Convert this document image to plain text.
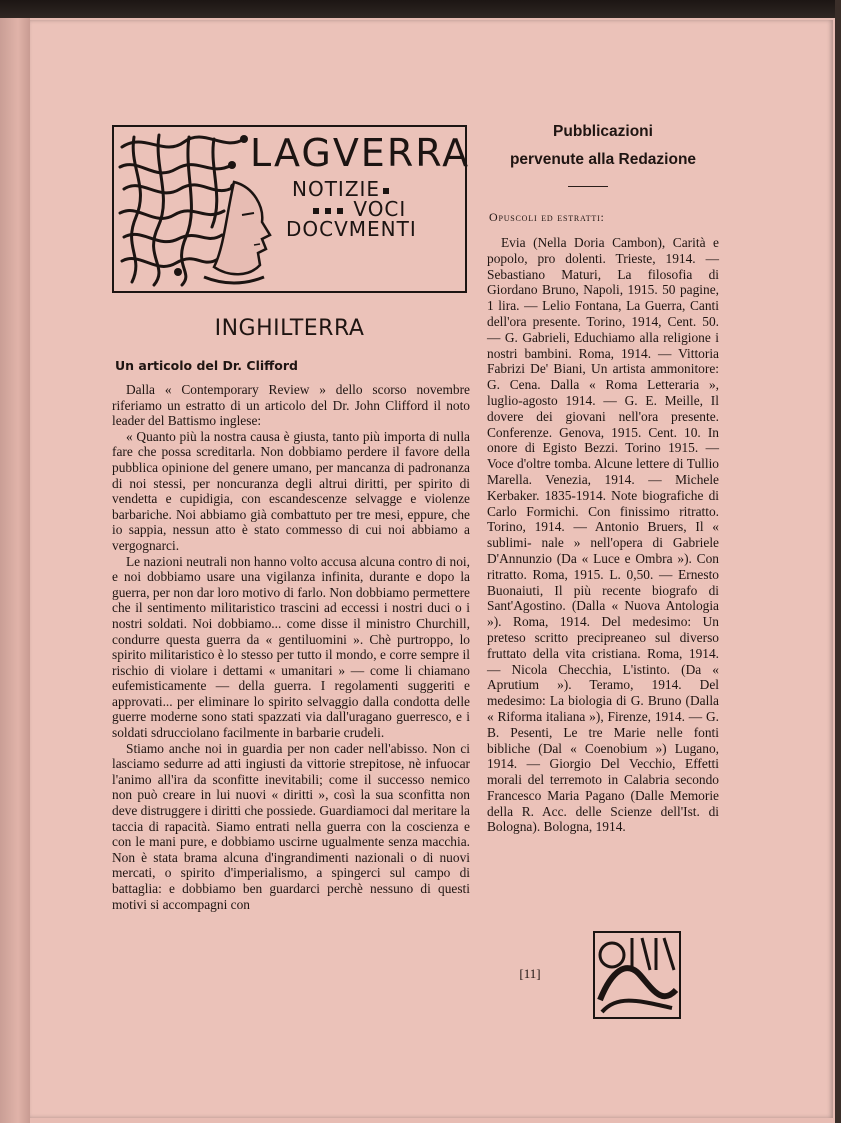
LAGVERRA
NOTIZIE
VOCI
DOCVMENTI
INGHILTERRA
Un articolo del Dr. Clifford

Dalla « Contemporary Review » dello scorso novembre riferiamo un estratto di un articolo del Dr. John Clifford il noto leader del Battismo inglese:

« Quanto più la nostra causa è giusta, tanto più importa di nulla fare che possa screditarla. Non dobbiamo perdere il favore della pubblica opinione del genere umano, per mancanza di padronanza di noi stessi, per noncuranza degli altrui diritti, per spirito di vendetta e cupidigia, con escandescenze selvagge e violenze barbariche. Noi abbiamo già combattuto per tre mesi, eppure, che io sappia, nessun atto è stato commesso di cui noi abbiamo a vergognarci.

Le nazioni neutrali non hanno volto accusa alcuna contro di noi, e noi dobbiamo usare una vigilanza infinita, durante e dopo la guerra, per non dar loro motivo di farlo. Non dobbiamo permettere che il sentimento militaristico trascini ad eccessi i nostri duci o i nostri soldati. Noi dobbiamo... come disse il ministro Churchill, condurre questa guerra da « gentiluomini ». Chè purtroppo, lo spirito militaristico è lo stesso per tutto il mondo, e corre sempre il rischio di violare i dettami « umanitari » — come li chiamano eufemisticamente — della guerra. I regolamenti suggeriti e approvati... per eliminare lo spirito selvaggio dalla condotta delle guerre moderne sono stati spazzati via dall'uragano guerresco, e i soldati sdrucciolano facilmente in barbarie crudeli.

Stiamo anche noi in guardia per non cader nell'abisso. Non ci lasciamo sedurre ad atti ingiusti da vittorie strepitose, nè infuocar l'animo all'ira da sconfitte inevitabili; come il successo nemico non può creare in lui nuovi « diritti », così la sua sconfitta non deve distruggere i diritti che possiede. Guardiamoci dal meritare la taccia di rapacità. Siamo entrati nella guerra con la coscienza e con le mani pure, e dobbiamo uscirne ugualmente senza macchia. Non è stata brama alcuna d'ingrandimenti nazionali o di nuovi mercati, o spirito d'imperialismo, a spingerci sul campo di battaglia: e dobbiamo ben guardarci perchè nessuno di questi motivi si accompagni con

Pubblicazioni
pervenute alla Redazione
Opuscoli ed estratti:

Evia (Nella Doria Cambon), Carità e popolo, pro dolenti. Trieste, 1914. — Sebastiano Maturi, La filosofia di Giordano Bruno, Napoli, 1915. 50 pagine, 1 lira. — Lelio Fontana, La Guerra, Canti dell'ora presente. Torino, 1914, Cent. 50. — G. Gabrieli, Educhiamo alla religione i nostri bambini. Roma, 1914. — Vittoria Fabrizi De' Biani, Un artista ammonitore: G. Cena. Dalla « Roma Letteraria », luglio-agosto 1914. — G. E. Meille, Il dovere dei giovani nell'ora presente. Conferenze. Genova, 1915. Cent. 10. In onore di Egisto Bezzi. Torino 1915. — Voce d'oltre tomba. Alcune lettere di Tullio Marella. Venezia, 1914. — Michele Kerbaker. 1835-1914. Note biografiche di Carlo Formichi. Con finissimo ritratto. Torino, 1914. — Antonio Bruers, Il « sublimi- nale » nell'opera di Gabriele D'Annunzio (Da « Luce e Ombra »). Con ritratto. Roma, 1915. L. 0,50. — Ernesto Buonaiuti, Il più recente biografo di Sant'Agostino. (Dalla « Nuova Antologia »). Roma, 1914. Del medesimo: Un preteso scritto precipreaneo sul diverso fruttato della vita cristiana. Roma, 1914. — Nicola Checchia, L'istinto. (Da « Aprutium »). Teramo, 1914. Del medesimo: La biologia di G. Bruno (Dalla « Riforma italiana »), Firenze, 1914. — G. B. Pesenti, Le tre Marie nelle fonti bibliche (Dal « Coenobium ») Lugano, 1914. — Giorgio Del Vecchio, Effetti morali del terremoto in Calabria secondo Francesco Maria Pagano (Dalle Memorie della R. Acc. delle Scienze dell'Ist. di Bologna). Bologna, 1914.

[11]
